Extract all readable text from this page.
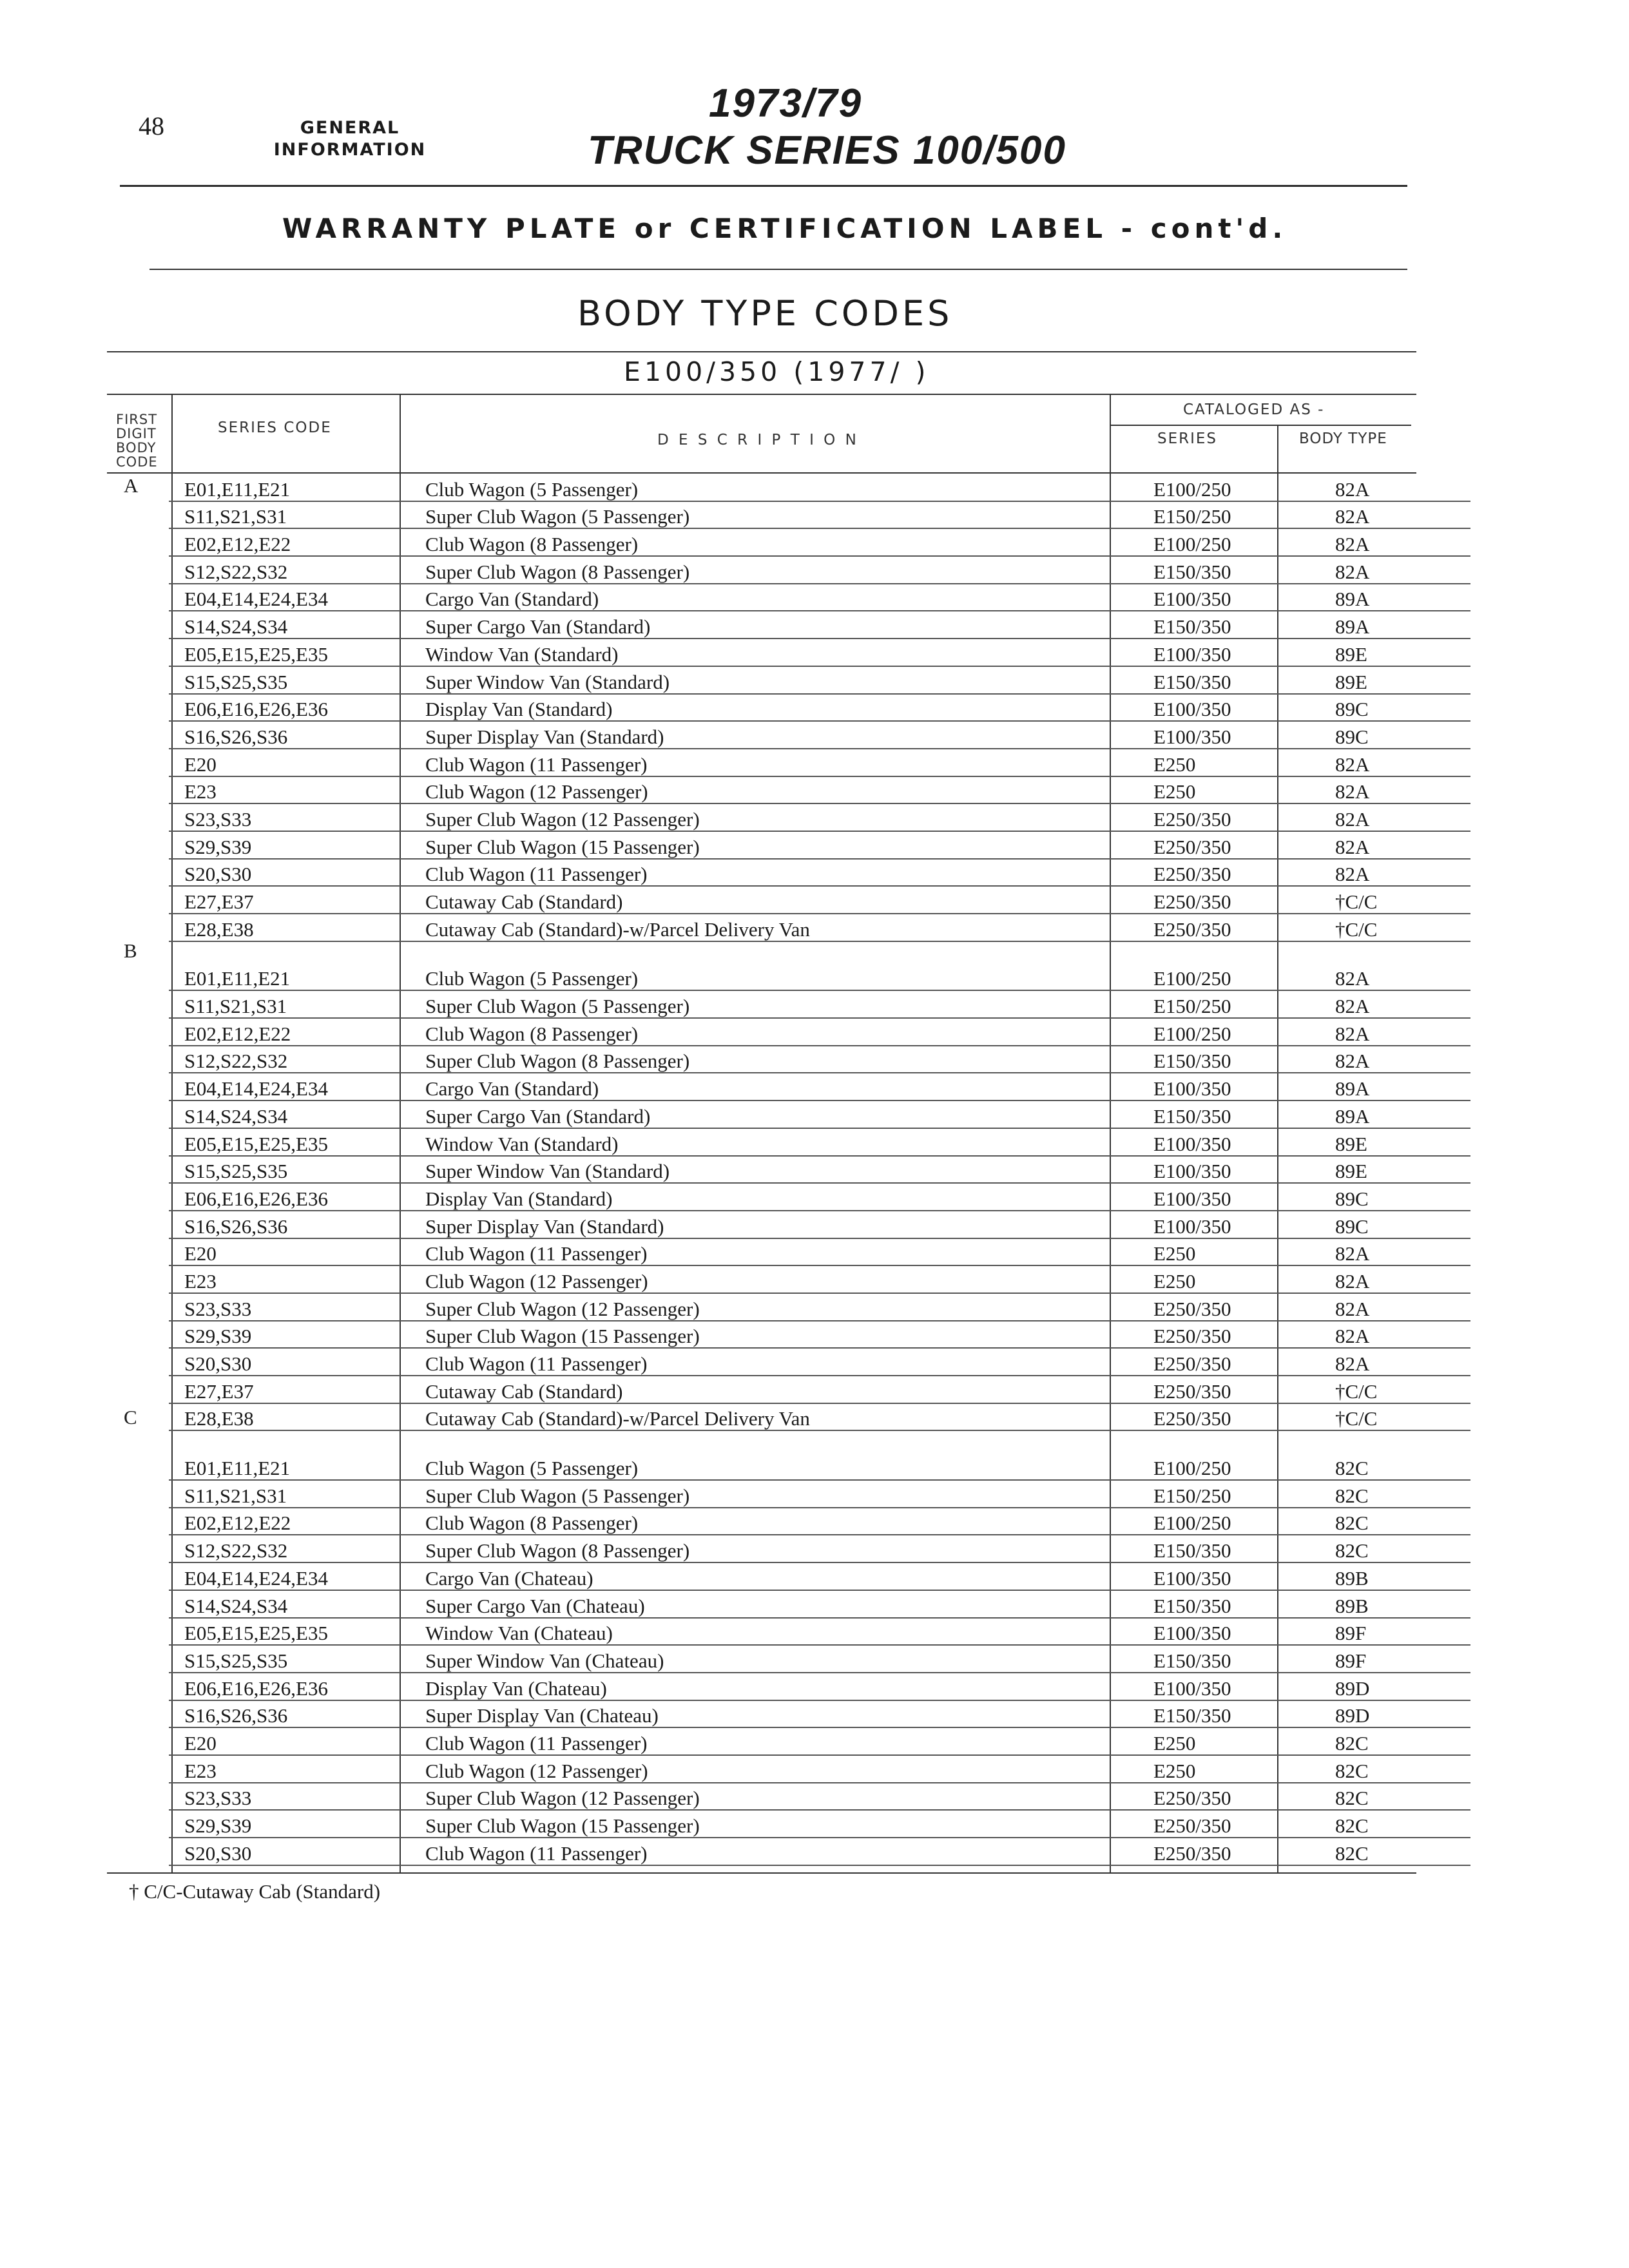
48	GENERAL
INFORMATION
1973/79
TRUCK SERIES 100/500
WARRANTY PLATE or CERTIFICATION LABEL - cont'd.
BODY TYPE CODES
E100/350 (1977/ )
FIRST
DIGIT
BODY
CODE
SERIES CODE
D E S C R I P T I O N
CATALOGED AS -
SERIES	BODY TYPE
A
B
C
E01,E11,E21	Club Wagon (5 Passenger)	E100/250	82A
S11,S21,S31	Super Club Wagon (5 Passenger)	E150/250	82A
E02,E12,E22	Club Wagon (8 Passenger)	E100/250	82A
S12,S22,S32	Super Club Wagon (8 Passenger)	E150/350	82A
E04,E14,E24,E34	Cargo Van (Standard)	E100/350	89A
S14,S24,S34	Super Cargo Van (Standard)	E150/350	89A
E05,E15,E25,E35	Window Van (Standard)	E100/350	89E
S15,S25,S35	Super Window Van (Standard)	E150/350	89E
E06,E16,E26,E36	Display Van (Standard)	E100/350	89C
S16,S26,S36	Super Display Van (Standard)	E100/350	89C
E20	Club Wagon (11 Passenger)	E250	82A
E23	Club Wagon (12 Passenger)	E250	82A
S23,S33	Super Club Wagon (12 Passenger)	E250/350	82A
S29,S39	Super Club Wagon (15 Passenger)	E250/350	82A
S20,S30	Club Wagon (11 Passenger)	E250/350	82A
E27,E37	Cutaway Cab (Standard)	E250/350	†C/C
E28,E38	Cutaway Cab (Standard)-w/Parcel Delivery Van	E250/350	†C/C

E01,E11,E21	Club Wagon (5 Passenger)	E100/250	82A
S11,S21,S31	Super Club Wagon (5 Passenger)	E150/250	82A
E02,E12,E22	Club Wagon (8 Passenger)	E100/250	82A
S12,S22,S32	Super Club Wagon (8 Passenger)	E150/350	82A
E04,E14,E24,E34	Cargo Van (Standard)	E100/350	89A
S14,S24,S34	Super Cargo Van (Standard)	E150/350	89A
E05,E15,E25,E35	Window Van (Standard)	E100/350	89E
S15,S25,S35	Super Window Van (Standard)	E100/350	89E
E06,E16,E26,E36	Display Van (Standard)	E100/350	89C
S16,S26,S36	Super Display Van (Standard)	E100/350	89C
E20	Club Wagon (11 Passenger)	E250	82A
E23	Club Wagon (12 Passenger)	E250	82A
S23,S33	Super Club Wagon (12 Passenger)	E250/350	82A
S29,S39	Super Club Wagon (15 Passenger)	E250/350	82A
S20,S30	Club Wagon (11 Passenger)	E250/350	82A
E27,E37	Cutaway Cab (Standard)	E250/350	†C/C
E28,E38	Cutaway Cab (Standard)-w/Parcel Delivery Van	E250/350	†C/C

E01,E11,E21	Club Wagon (5 Passenger)	E100/250	82C
S11,S21,S31	Super Club Wagon (5 Passenger)	E150/250	82C
E02,E12,E22	Club Wagon (8 Passenger)	E100/250	82C
S12,S22,S32	Super Club Wagon (8 Passenger)	E150/350	82C
E04,E14,E24,E34	Cargo Van (Chateau)	E100/350	89B
S14,S24,S34	Super Cargo Van (Chateau)	E150/350	89B
E05,E15,E25,E35	Window Van (Chateau)	E100/350	89F
S15,S25,S35	Super Window Van (Chateau)	E150/350	89F
E06,E16,E26,E36	Display Van (Chateau)	E100/350	89D
S16,S26,S36	Super Display Van (Chateau)	E150/350	89D
E20	Club Wagon (11 Passenger)	E250	82C
E23	Club Wagon (12 Passenger)	E250	82C
S23,S33	Super Club Wagon (12 Passenger)	E250/350	82C
S29,S39	Super Club Wagon (15 Passenger)	E250/350	82C
S20,S30	Club Wagon (11 Passenger)	E250/350	82C
† C/C-Cutaway Cab (Standard)
